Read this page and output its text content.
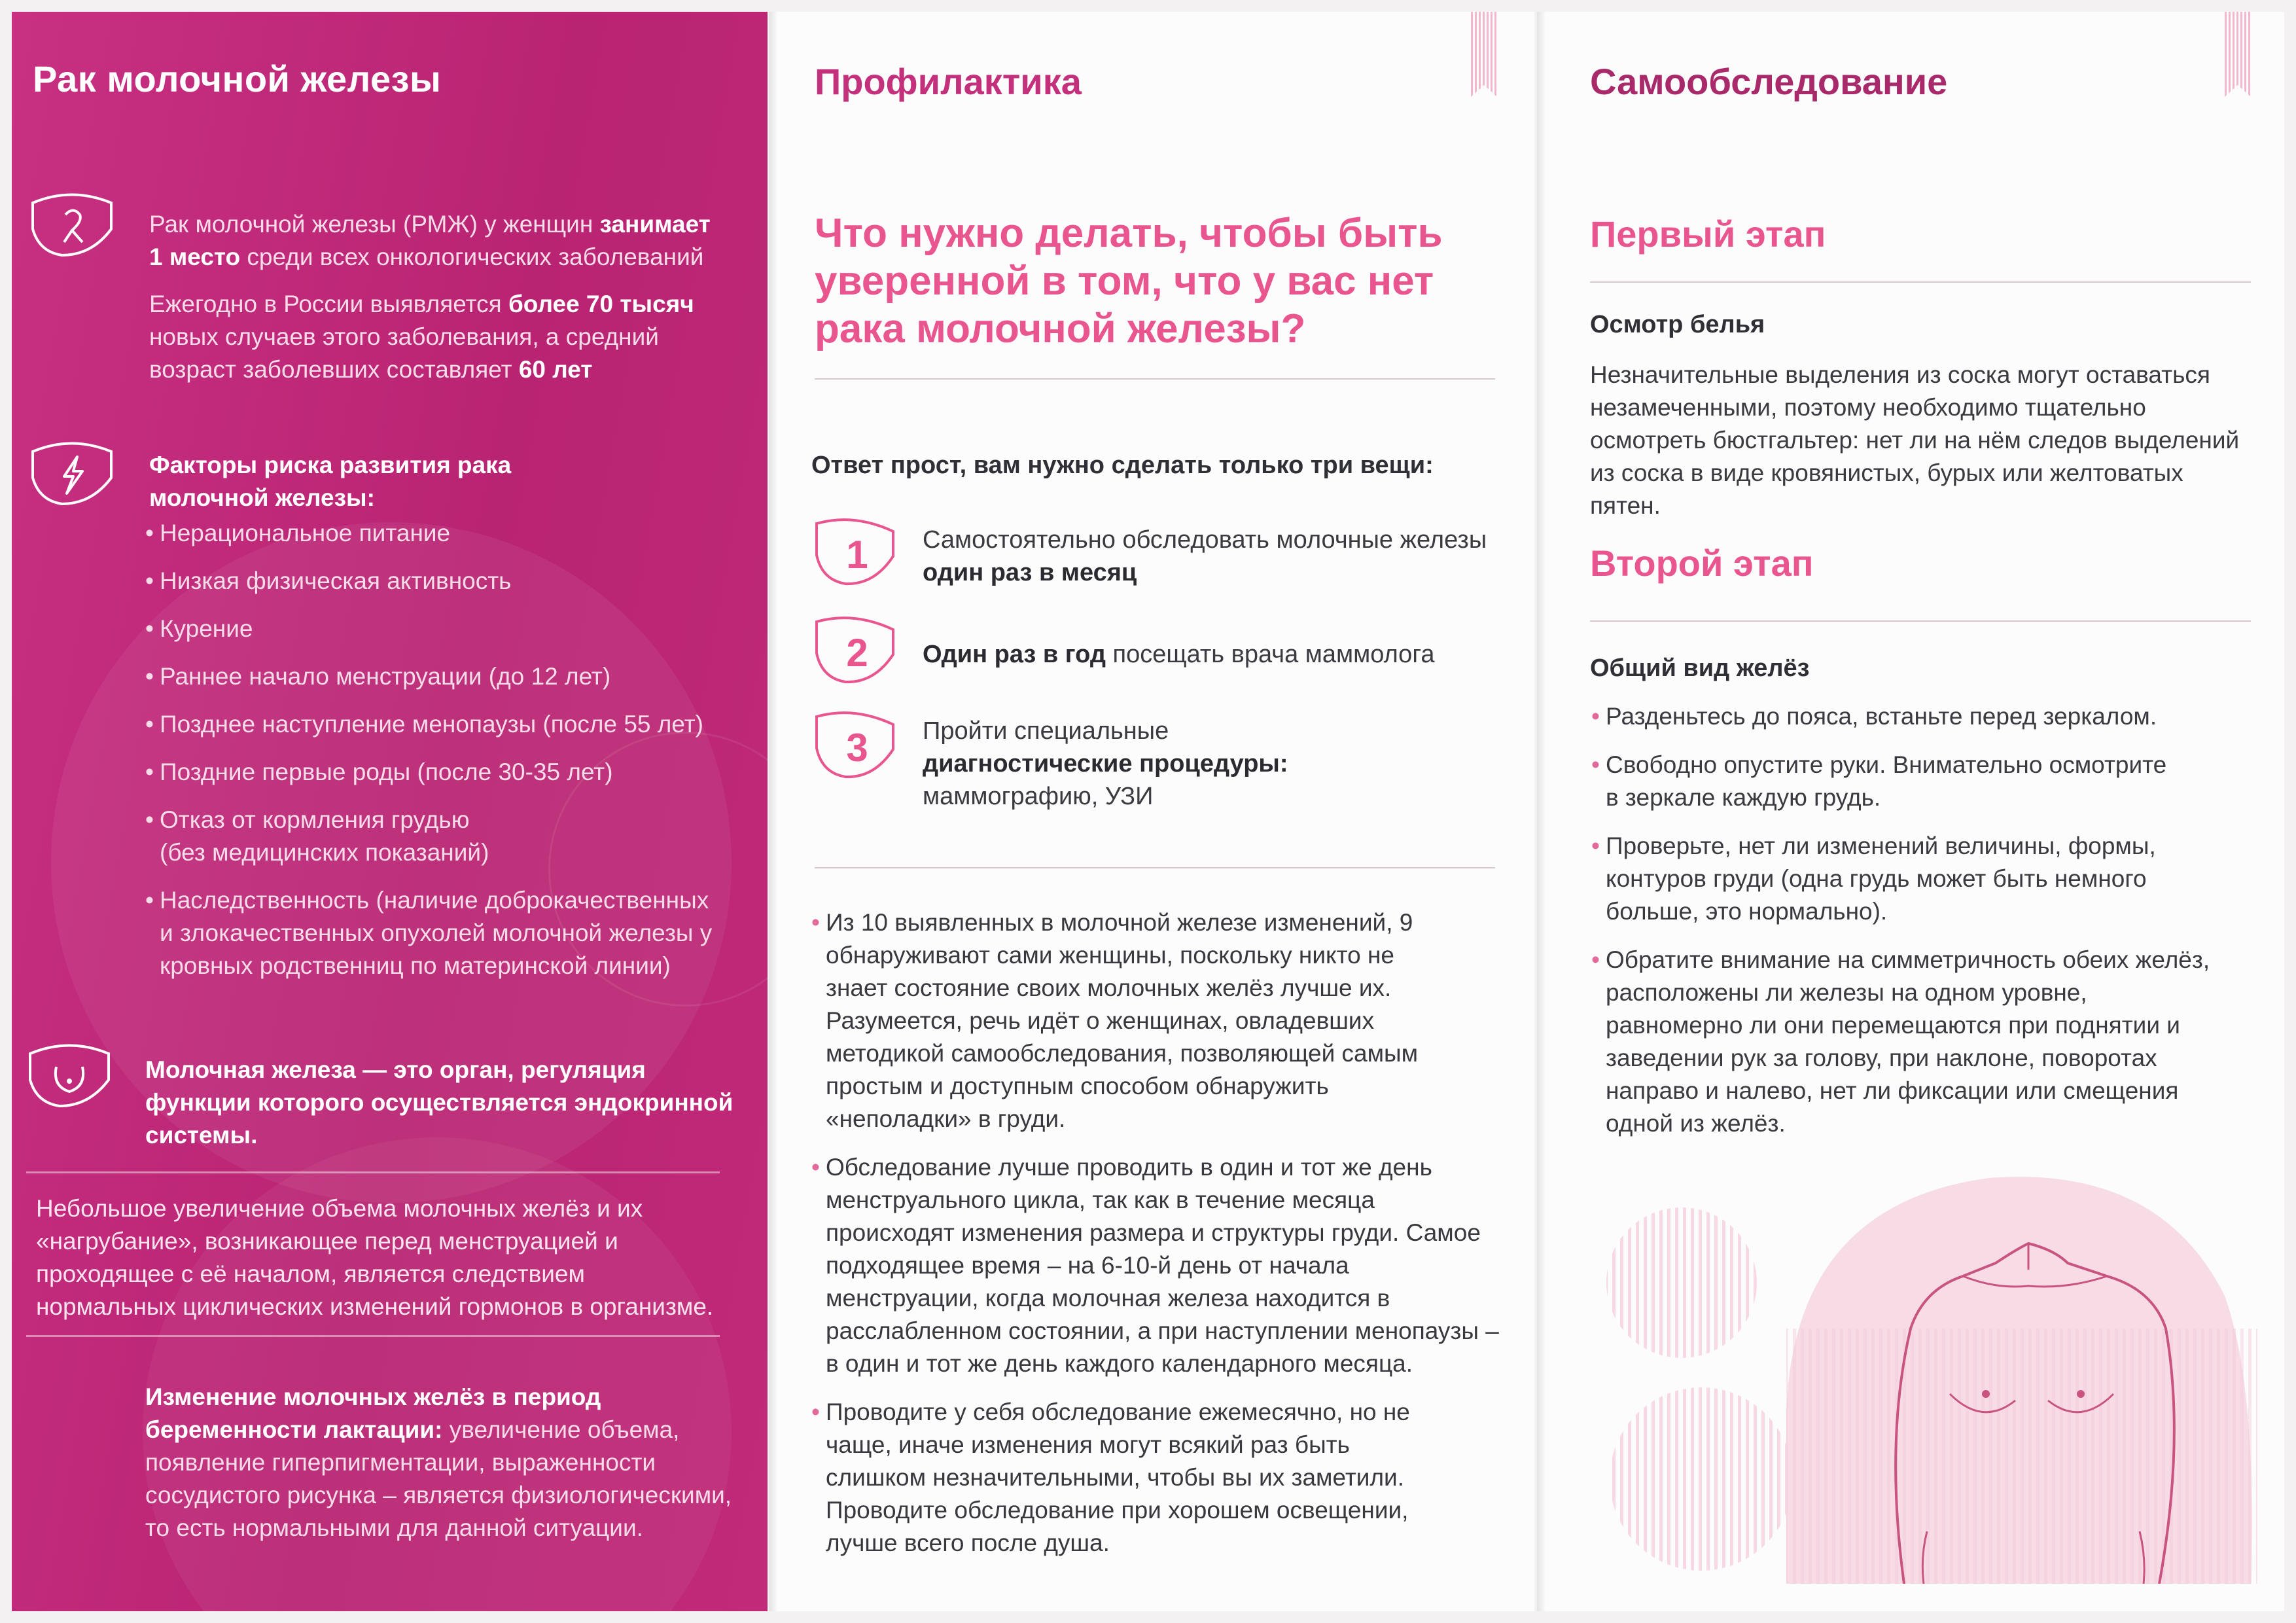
Рак молочной железы
Рак молочной железы (РМЖ) у женщин занимает 1 место среди всех онкологических заболеваний
Ежегодно в России выявляется более 70 тысяч новых случаев этого заболевания, а средний возраст заболевших составляет 60 лет
Факторы риска развития рака молочной железы:
• Нерациональное питание
• Низкая физическая активность
• Курение
• Раннее начало менструации (до 12 лет)
• Позднее наступление менопаузы (после 55 лет)
• Поздние первые роды (после 30-35 лет)
• Отказ от кормления грудью (без медицинских показаний)
• Наследственность (наличие доброкачественных и злокачественных опухолей молочной железы у кровных родственниц по материнской линии)
Молочная железа — это орган, регуляция функции которого осуществляется эндокринной системы.
Небольшое увеличение объема молочных желёз и их «нагрубание», возникающее перед менструацией и проходящее с её началом, является следствием нормальных циклических изменений гормонов в организме.
Изменение молочных желёз в период беременности лактации: увеличение объема, появление гиперпигментации, выраженности сосудистого рисунка – является физиологическими, то есть нормальными для данной ситуации.
Профилактика
Что нужно делать, чтобы быть уверенной в том, что у вас нет рака молочной железы?
Ответ прост, вам нужно сделать только три вещи:
1 Самостоятельно обследовать молочные железы один раз в месяц
2 Один раз в год посещать врача маммолога
3 Пройти специальные диагностические процедуры: маммографию, УЗИ
• Из 10 выявленных в молочной железе изменений, 9 обнаруживают сами женщины, поскольку никто не знает состояние своих молочных желёз лучше их. Разумеется, речь идёт о женщинах, овладевших методикой самообследования, позволяющей самым простым и доступным способом обнаружить «неполадки» в груди.
• Обследование лучше проводить в один и тот же день менструального цикла, так как в течение месяца происходят изменения размера и структуры груди. Самое подходящее время – на 6-10-й день от начала менструации, когда молочная железа находится в расслабленном состоянии, а при наступлении менопаузы – в один и тот же день каждого календарного месяца.
• Проводите у себя обследование ежемесячно, но не чаще, иначе изменения могут всякий раз быть слишком незначительными, чтобы вы их заметили. Проводите обследование при хорошем освещении, лучше всего после душа.
Самообследование
Первый этап
Осмотр белья
Незначительные выделения из соска могут оставаться незамеченными, поэтому необходимо тщательно осмотреть бюстгальтер: нет ли на нём следов выделений из соска в виде кровянистых, бурых или желтоватых пятен.
Второй этап
Общий вид желёз
• Разденьтесь до пояса, встаньте перед зеркалом.
• Свободно опустите руки. Внимательно осмотрите в зеркале каждую грудь.
• Проверьте, нет ли изменений величины, формы, контуров груди (одна грудь может быть немного больше, это нормально).
• Обратите внимание на симметричность обеих желёз, расположены ли железы на одном уровне, равномерно ли они перемещаются при поднятии и заведении рук за голову, при наклоне, поворотах направо и налево, нет ли фиксации или смещения одной из желёз.
